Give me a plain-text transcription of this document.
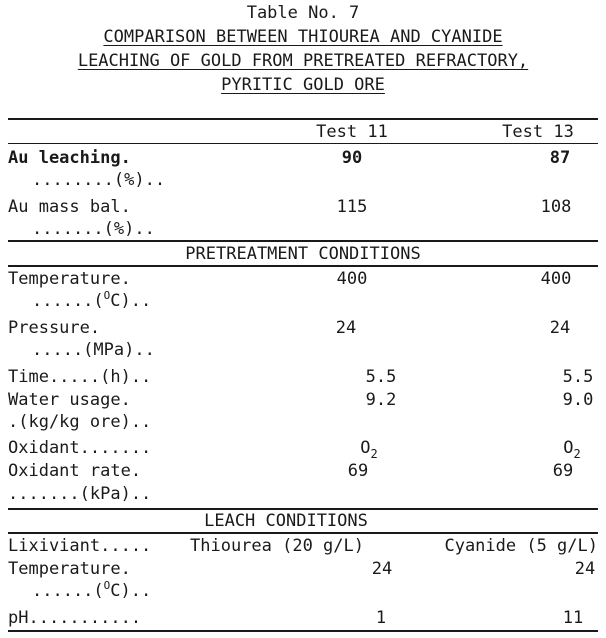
Table No. 7
COMPARISON BETWEEN THIOUREA AND CYANIDE
LEACHING OF GOLD FROM PRETREATED REFRACTORY,
PYRITIC GOLD ORE
Test 11	Test 13
Au leaching.
........(%)..
90	87
Au mass bal.
.......(%)..
115	108
PRETREATMENT CONDITIONS
Temperature.
......($^O$C)..
400	400
Pressure.
.....(MPa)..
24	24
Time.....(h)..	5.5	5.5
Water usage.
.(kg/kg ore)..
9.2	9.0
Oxidant.......	$O_2$	$O_2$
Oxidant rate.
.......(kPa)..
69	69
LEACH CONDITIONS
Lixiviant..... Thiourea (20 g/L)	Cyanide (5 g/L)
Temperature.
......($^O$C)..
24	24
pH...........	1	11
